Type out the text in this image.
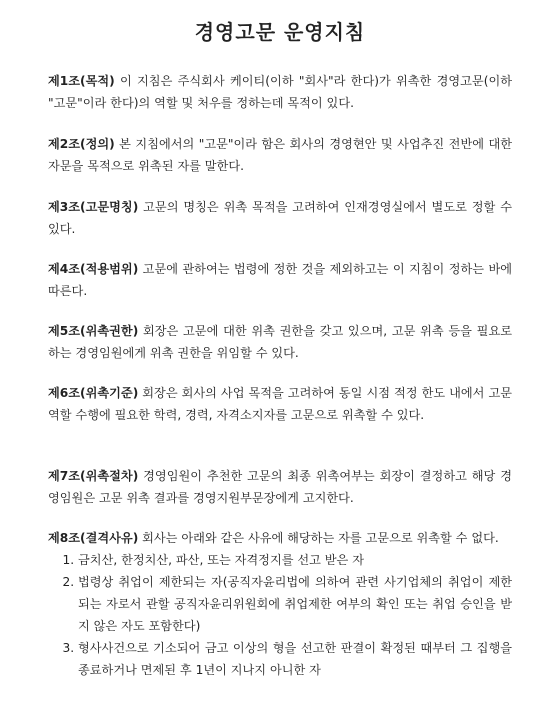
경영고문 운영지침
제1조(목적) 이 지침은 주식회사 케이티(이하 "회사"라 한다)가 위촉한 경영고문(이하 "고문"이라 한다)의 역할 및 처우를 정하는데 목적이 있다.
제2조(정의) 본 지침에서의 "고문"이라 함은 회사의 경영현안 및 사업추진 전반에 대한 자문을 목적으로 위촉된 자를 말한다.
제3조(고문명칭) 고문의 명칭은 위촉 목적을 고려하여 인재경영실에서 별도로 정할 수 있다.
제4조(적용범위) 고문에 관하여는 법령에 정한 것을 제외하고는 이 지침이 정하는 바에 따른다.
제5조(위촉권한) 회장은 고문에 대한 위촉 권한을 갖고 있으며, 고문 위촉 등을 필요로 하는 경영임원에게 위촉 권한을 위임할 수 있다.
제6조(위촉기준) 회장은 회사의 사업 목적을 고려하여 동일 시점 적정 한도 내에서 고문 역할 수행에 필요한 학력, 경력, 자격소지자를 고문으로 위촉할 수 있다.
제7조(위촉절차) 경영임원이 추천한 고문의 최종 위촉여부는 회장이 결정하고 해당 경영임원은 고문 위촉 결과를 경영지원부문장에게 고지한다.
제8조(결격사유) 회사는 아래와 같은 사유에 해당하는 자를 고문으로 위촉할 수 없다.
1. 금치산, 한정치산, 파산, 또는 자격정지를 선고 받은 자
2. 법령상 취업이 제한되는 자(공직자윤리법에 의하여 관련 사기업체의 취업이 제한되는 자로서 관할 공직자윤리위원회에 취업제한 여부의 확인 또는 취업 승인을 받지 않은 자도 포함한다)
3. 형사사건으로 기소되어 금고 이상의 형을 선고한 판결이 확정된 때부터 그 집행을 종료하거나 면제된 후 1년이 지나지 아니한 자
